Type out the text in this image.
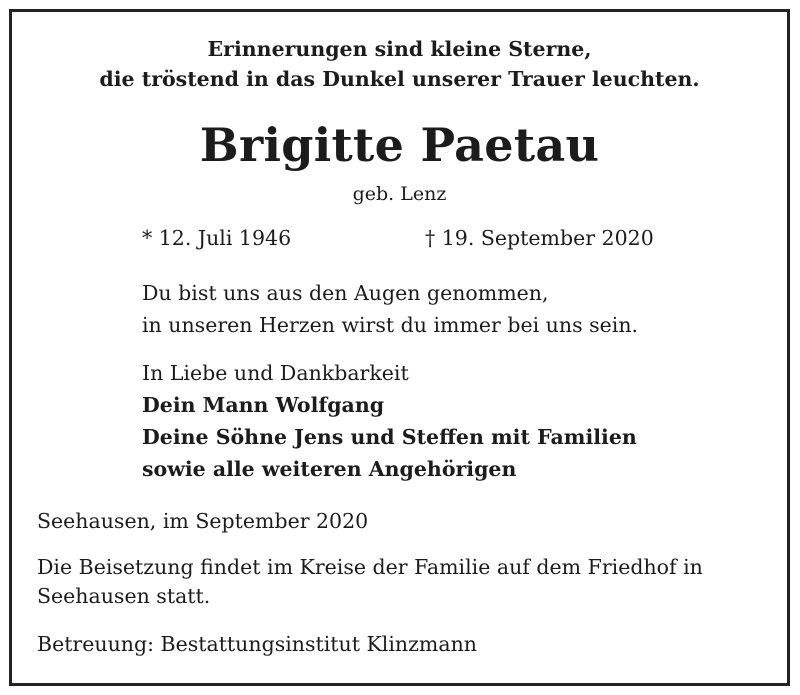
Erinnerungen sind kleine Sterne,
die tröstend in das Dunkel unserer Trauer leuchten.
Brigitte Paetau
geb. Lenz
* 12. Juli 1946	† 19. September 2020
Du bist uns aus den Augen genommen,
in unseren Herzen wirst du immer bei uns sein.
In Liebe und Dankbarkeit
Dein Mann Wolfgang
Deine Söhne Jens und Steffen mit Familien
sowie alle weiteren Angehörigen
Seehausen, im September 2020
Die Beisetzung findet im Kreise der Familie auf dem Friedhof in
Seehausen statt.
Betreuung: Bestattungsinstitut Klinzmann
